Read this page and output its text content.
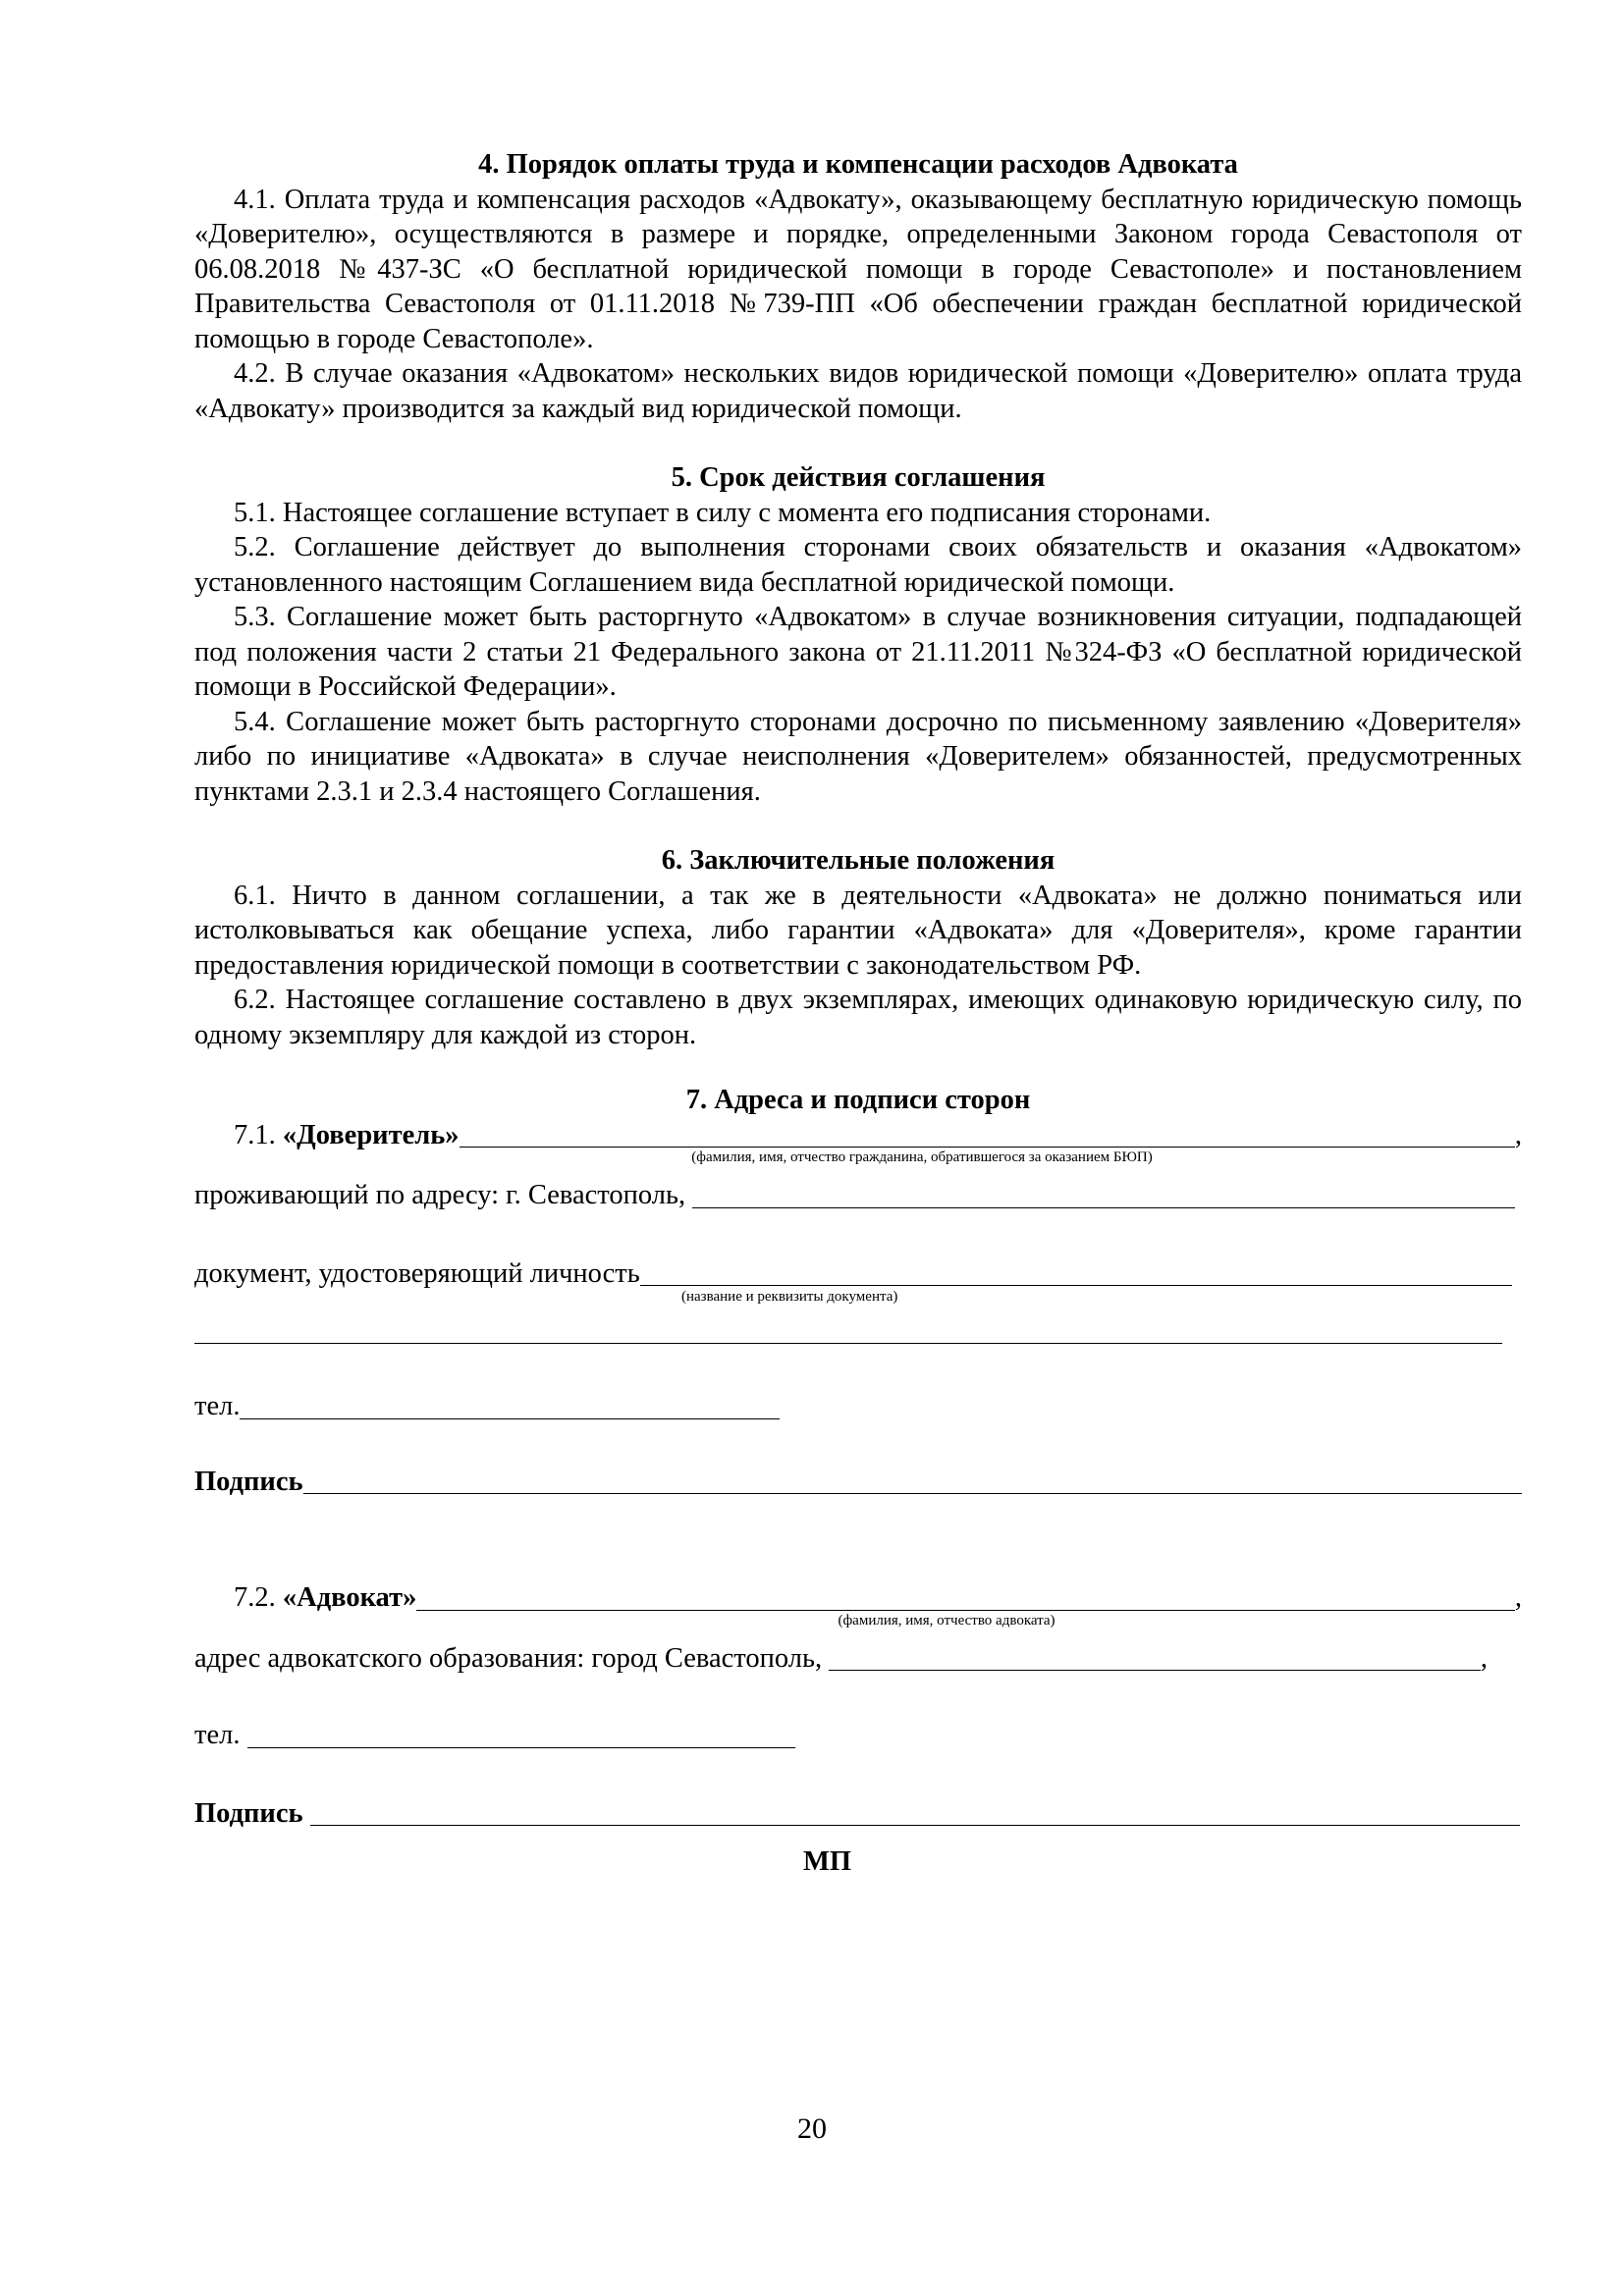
4. Порядок оплаты труда и компенсации расходов Адвоката

4.1. Оплата труда и компенсация расходов «Адвокату», оказывающему бесплатную юридическую помощь «Доверителю», осуществляются в размере и порядке, определенными Законом города Севастополя от 06.08.2018 №437-ЗС «О бесплатной юридической помощи в городе Севастополе» и постановлением Правительства Севастополя от 01.11.2018 №739-ПП «Об обеспечении граждан бесплатной юридической помощью в городе Севастополе».

4.2. В случае оказания «Адвокатом» нескольких видов юридической помощи «Доверителю» оплата труда «Адвокату» производится за каждый вид юридической помощи.

5. Срок действия соглашения

5.1. Настоящее соглашение вступает в силу с момента его подписания сторонами.

5.2. Соглашение действует до выполнения сторонами своих обязательств и оказания «Адвокатом» установленного настоящим Соглашением вида бесплатной юридической помощи.

5.3. Соглашение может быть расторгнуто «Адвокатом» в случае возникновения ситуации, подпадающей под положения части 2 статьи 21 Федерального закона от 21.11.2011 №324-ФЗ «О бесплатной юридической помощи в Российской Федерации».

5.4. Соглашение может быть расторгнуто сторонами досрочно по письменному заявлению «Доверителя» либо по инициативе «Адвоката» в случае неисполнения «Доверителем» обязанностей, предусмотренных пунктами 2.3.1 и 2.3.4 настоящего Соглашения.

6. Заключительные положения

6.1. Ничто в данном соглашении, а так же в деятельности «Адвоката» не должно пониматься или истолковываться как обещание успеха, либо гарантии «Адвоката» для «Доверителя», кроме гарантии предоставления юридической помощи в соответствии с законодательством РФ.

6.2. Настоящее соглашение составлено в двух экземплярах, имеющих одинаковую юридическую силу, по одному экземпляру для каждой из сторон.

7. Адреса и подписи сторон
7.1. «Доверитель»	,
(фамилия, имя, отчество гражданина, обратившегося за оказанием БЮП)
проживающий по адресу: г. Севастополь,
документ, удостоверяющий личность
(название и реквизиты документа)
тел.
Подпись
7.2. «Адвокат»	,
(фамилия, имя, отчество адвоката)
адрес адвокатского образования: город Севастополь,	,
тел.
Подпись
МП
20
